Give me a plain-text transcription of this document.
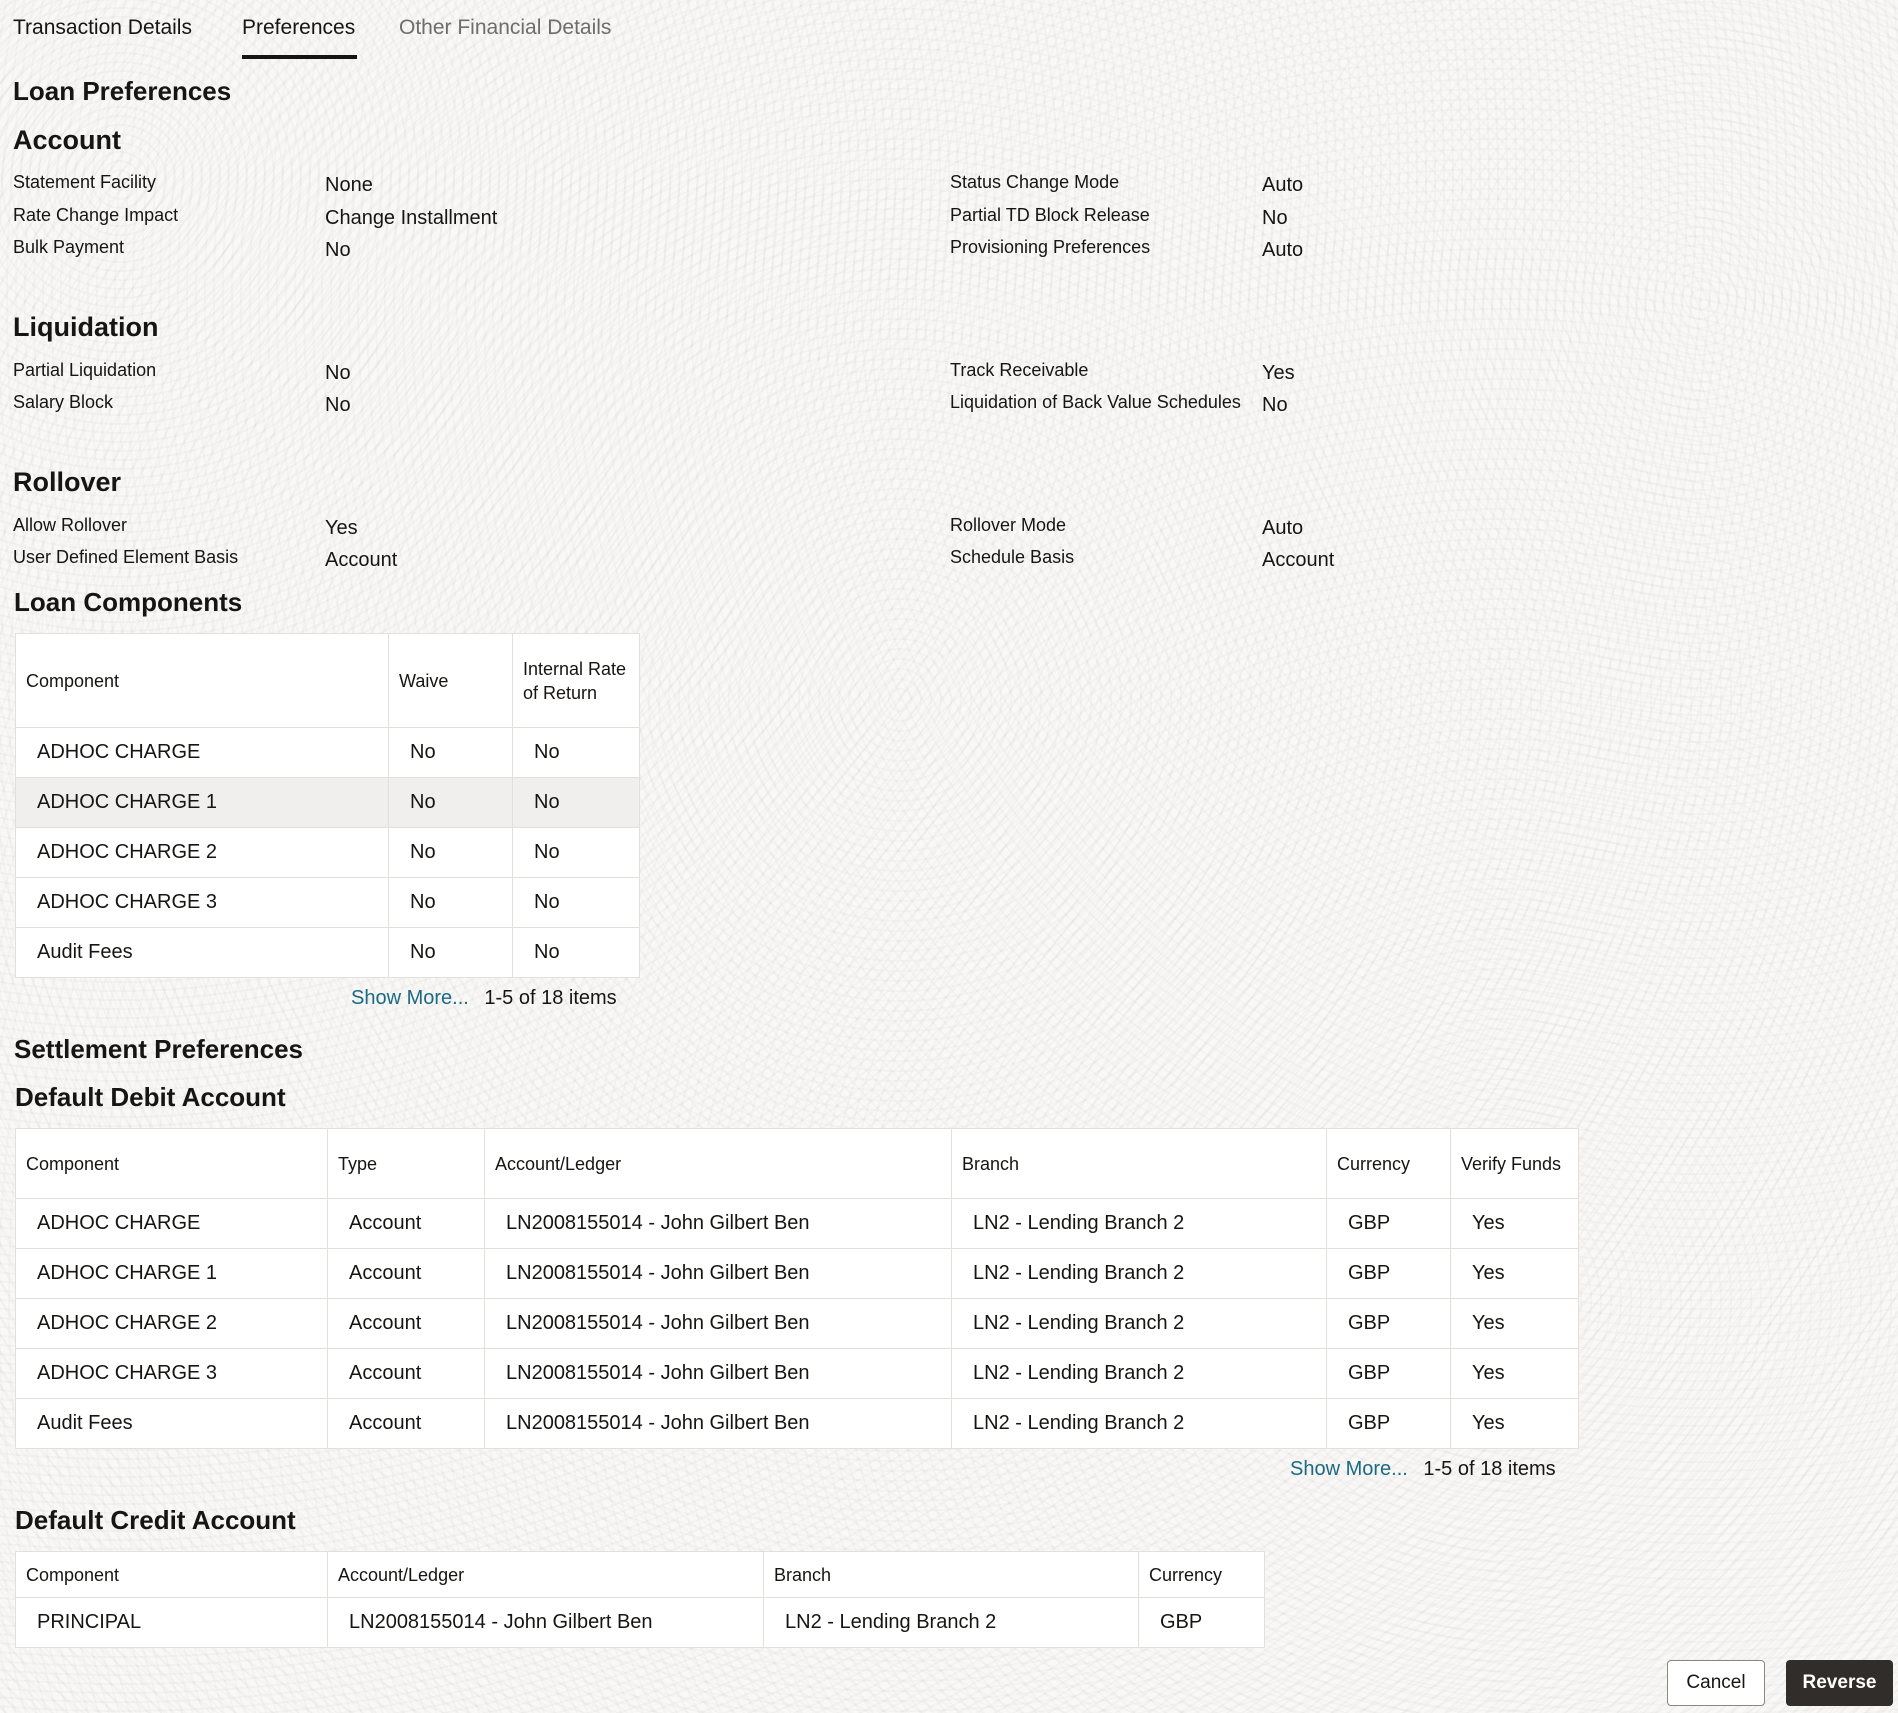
Transaction Details Preferences Other Financial Details
Loan Preferences
Account
Statement Facility	None
Rate Change Impact	Change Installment
Bulk Payment	No
Status Change Mode	Auto
Partial TD Block Release	No
Provisioning Preferences	Auto
Liquidation
Partial Liquidation	No
Salary Block	No
Track Receivable	Yes
Liquidation of Back Value Schedules No
Rollover
Allow Rollover	Yes
User Defined Element Basis	Account
Rollover Mode	Auto
Schedule Basis	Account
Loan Components
Component	Waive	Internal Rate of Return
ADHOC CHARGE	No	No
ADHOC CHARGE 1	No	No
ADHOC CHARGE 2	No	No
ADHOC CHARGE 3	No	No
Audit Fees	No	No
Show More... 1-5 of 18 items
Settlement Preferences
Default Debit Account
Component	Type	Account/Ledger	Branch	Currency	Verify Funds
ADHOC CHARGE	Account	LN2008155014 - John Gilbert Ben	LN2 - Lending Branch 2	GBP	Yes
ADHOC CHARGE 1	Account	LN2008155014 - John Gilbert Ben	LN2 - Lending Branch 2	GBP	Yes
ADHOC CHARGE 2	Account	LN2008155014 - John Gilbert Ben	LN2 - Lending Branch 2	GBP	Yes
ADHOC CHARGE 3	Account	LN2008155014 - John Gilbert Ben	LN2 - Lending Branch 2	GBP	Yes
Audit Fees	Account	LN2008155014 - John Gilbert Ben	LN2 - Lending Branch 2	GBP	Yes
Show More... 1-5 of 18 items
Default Credit Account
Component	Account/Ledger	Branch	Currency
PRINCIPAL	LN2008155014 - John Gilbert Ben	LN2 - Lending Branch 2	GBP
Cancel	Reverse
